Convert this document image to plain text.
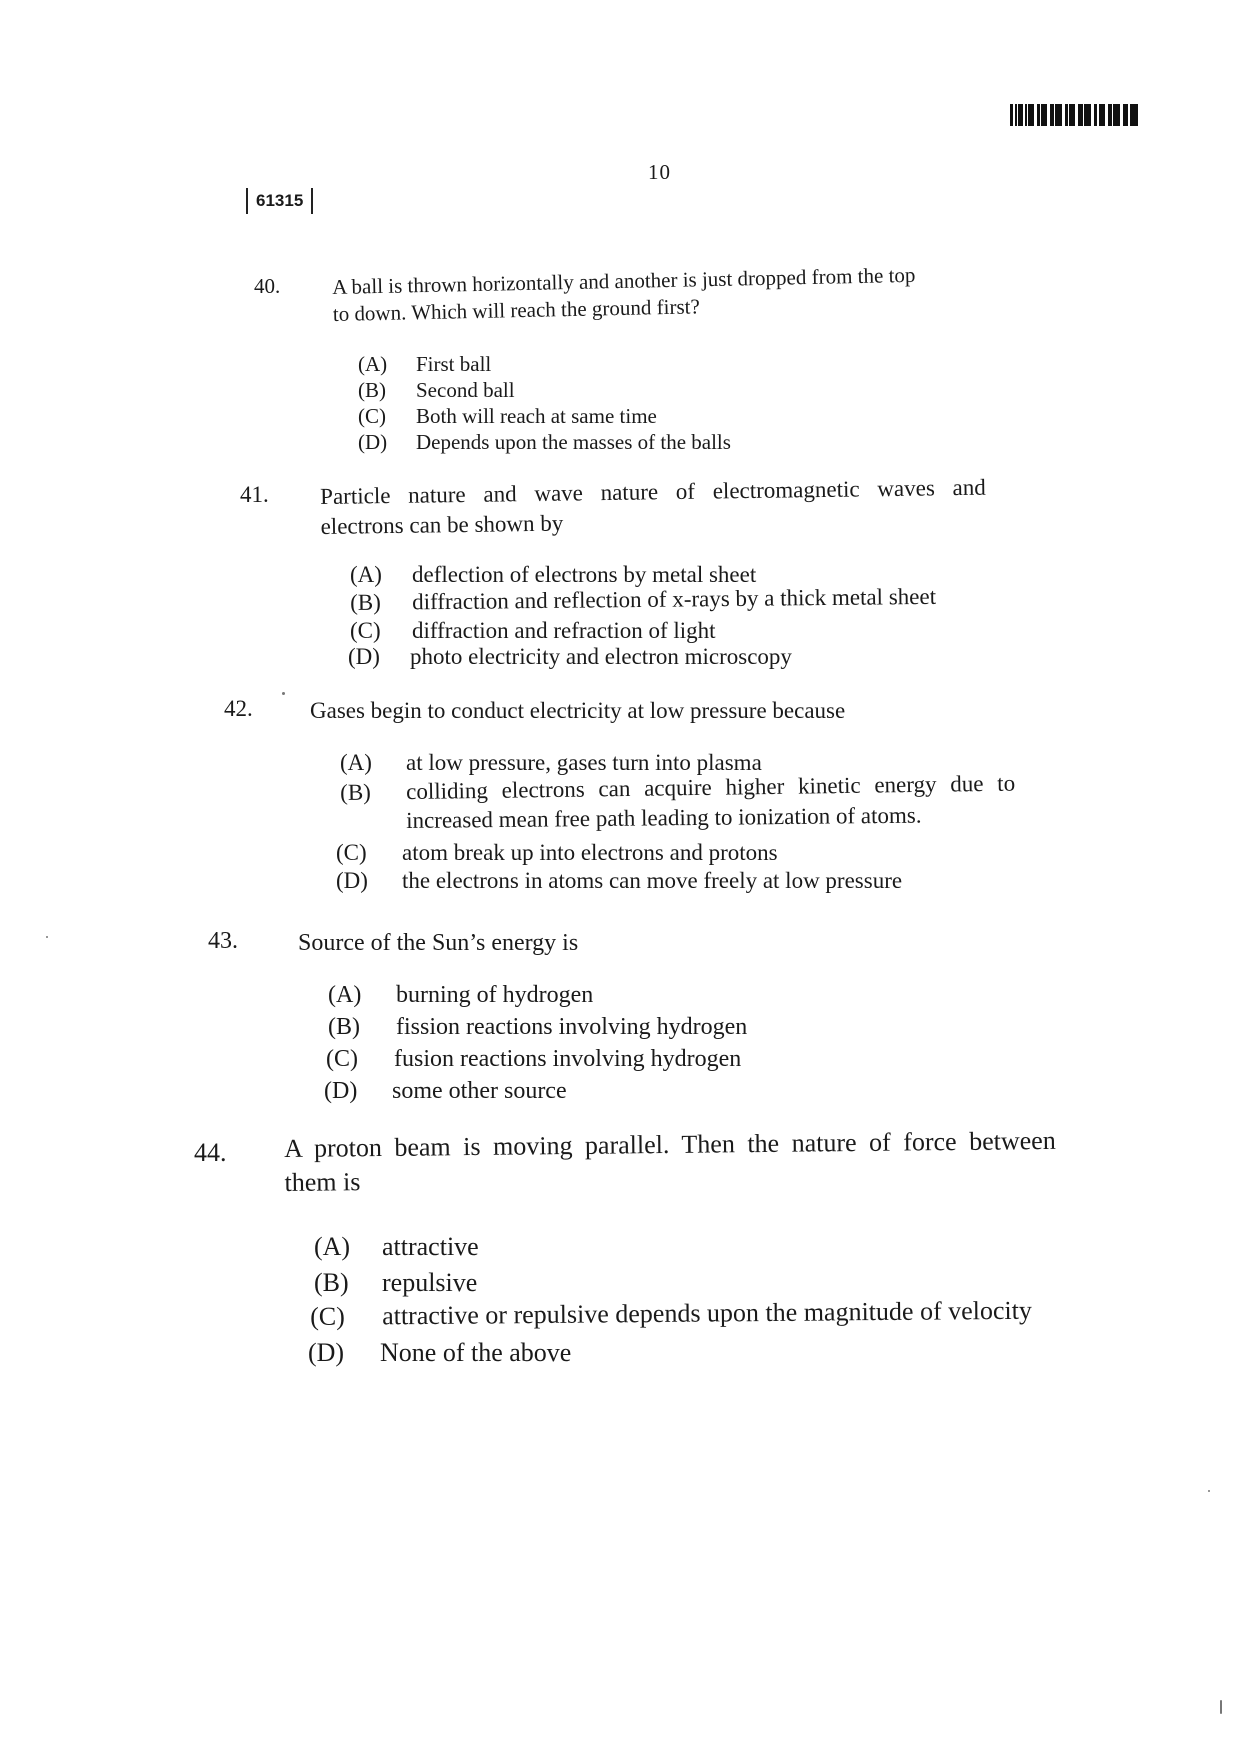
10
61315
40. A ball is thrown horizontally and another is just dropped from the top
to down. Which will reach the ground first?
(A) First ball
(B) Second ball
(C) Both will reach at same time
(D) Depends upon the masses of the balls
41. Particle nature and wave nature of electromagnetic waves and
electrons can be shown by
(A) deflection of electrons by metal sheet
(B) diffraction and reflection of x-rays by a thick metal sheet
(C) diffraction and refraction of light
(D) photo electricity and electron microscopy
42. Gases begin to conduct electricity at low pressure because
(A) at low pressure, gases turn into plasma
(B) colliding electrons can acquire higher kinetic energy due to
increased mean free path leading to ionization of atoms.
(C) atom break up into electrons and protons
(D) the electrons in atoms can move freely at low pressure
43.	Source of the Sun’s energy is
(A) burning of hydrogen
(B) fission reactions involving hydrogen
(C) fusion reactions involving hydrogen
(D) some other source
44. A proton beam is moving parallel. Then the nature of force between
them is
(A) attractive
(B) repulsive
(C) attractive or repulsive depends upon the magnitude of velocity
(D) None of the above
